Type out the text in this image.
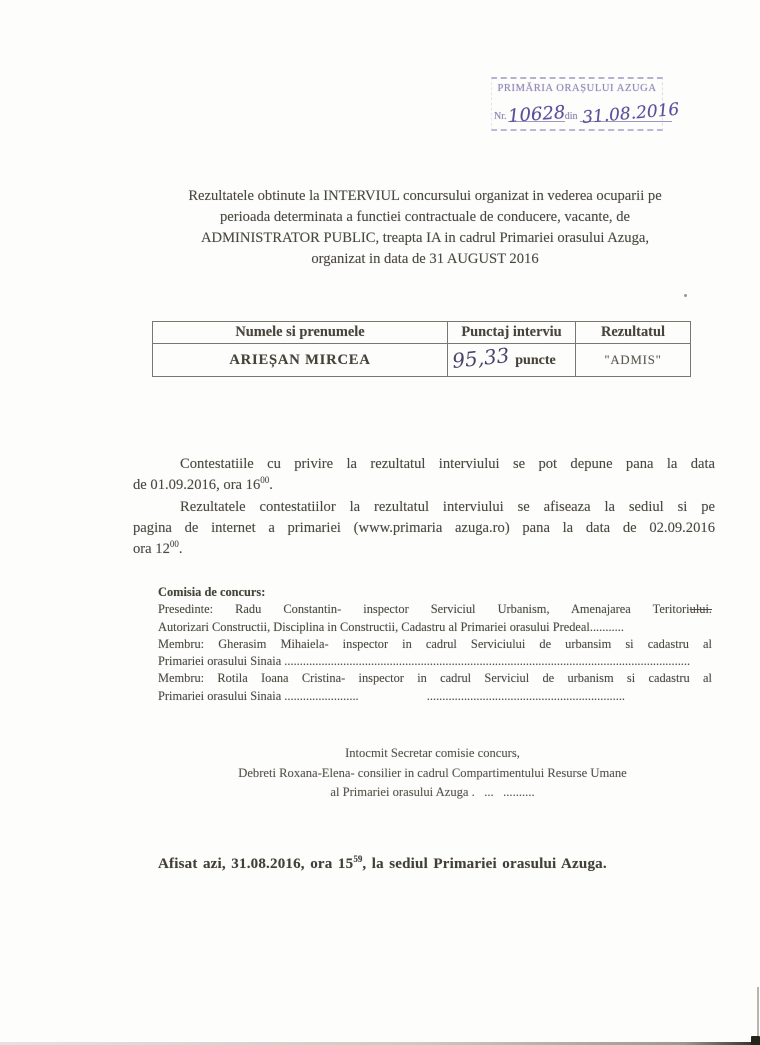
PRIMĂRIA ORAȘULUI AZUGA
Nr. 10628 din 31.08.2016
Rezultatele obtinute la INTERVIUL concursului organizat in vederea ocuparii pe
perioada determinata a functiei contractuale de conducere, vacante, de
ADMINISTRATOR PUBLIC, treapta IA in cadrul Primariei orasului Azuga,
organizat in data de 31 AUGUST 2016
Numele si prenumele	Punctaj interviu	Rezultatul
ARIEȘAN MIRCEA	95,33 puncte	"ADMIS"
Contestatiile cu privire la rezultatul interviului se pot depune pana la data
de 01.09.2016, ora $16^{00}$.
Rezultatele contestatiilor la rezultatul interviului se afiseaza la sediul si pe
pagina de internet a primariei (www.primaria azuga.ro) pana la data de 02.09.2016
ora $12^{00}$.
Comisia de concurs:
Presedinte: Radu Constantin- inspector Serviciul Urbanism, Amenajarea Teritoriului.
Autorizari Constructii, Disciplina in Constructii, Cadastru al Primariei orasului Predeal...........
Membru: Gherasim Mihaiela- inspector in cadrul Serviciului de urbansim si cadastru al
Primariei orasului Sinaia ...................................................................................................................................
Membru: Rotila Ioana Cristina- inspector in cadrul Serviciul de urbanism si cadastru al
Primariei orasului Sinaia ........................                      ................................................................
Intocmit Secretar comisie concurs,
Debreti Roxana-Elena- consilier in cadrul Compartimentului Resurse Umane
al Primariei orasului Azuga .   ...   ..........
Afisat azi, 31.08.2016, ora $15^{59}$, la sediul Primariei orasului Azuga.
